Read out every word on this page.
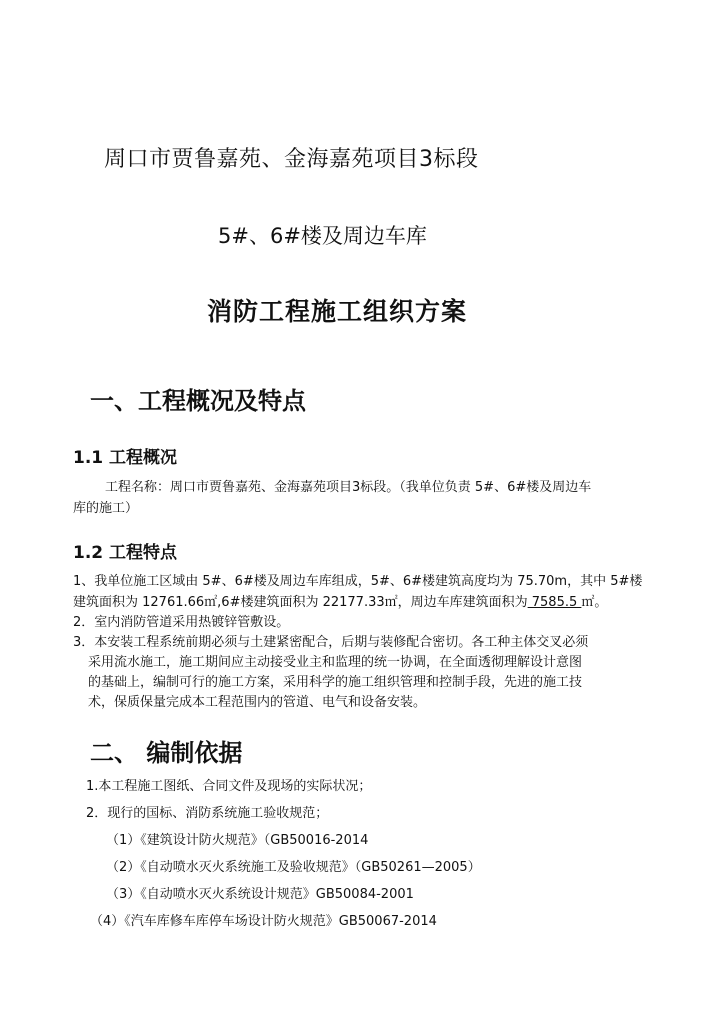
周口市贾鲁嘉苑、金海嘉苑项目3标段
5#、6#楼及周边车库
消防工程施工组织方案
一、工程概况及特点
1.1 工程概况
工程名称：周口市贾鲁嘉苑、金海嘉苑项目3标段。（我单位负责 5#、6#楼及周边车
库的施工）
1.2 工程特点
1、我单位施工区域由 5#、6#楼及周边车库组成，5#、6#楼建筑高度均为 75.70m，其中 5#楼
建筑面积为 12761.66㎡,6#楼建筑面积为 22177.33㎡，周边车库建筑面积为 7585.5 ㎡。
2．室内消防管道采用热镀锌管敷设。
3．本安装工程系统前期必须与土建紧密配合，后期与装修配合密切。各工种主体交叉必须
采用流水施工，施工期间应主动接受业主和监理的统一协调，在全面透彻理解设计意图
的基础上，编制可行的施工方案，采用科学的施工组织管理和控制手段，先进的施工技
术，保质保量完成本工程范围内的管道、电气和设备安装。
二、 编制依据
1.本工程施工图纸、合同文件及现场的实际状况；
2．现行的国标、消防系统施工验收规范；
（1）《建筑设计防火规范》（GB50016-2014
（2）《自动喷水灭火系统施工及验收规范》（GB50261—2005）
（3）《自动喷水灭火系统设计规范》GB50084-2001
（4）《汽车库修车库停车场设计防火规范》GB50067-2014
